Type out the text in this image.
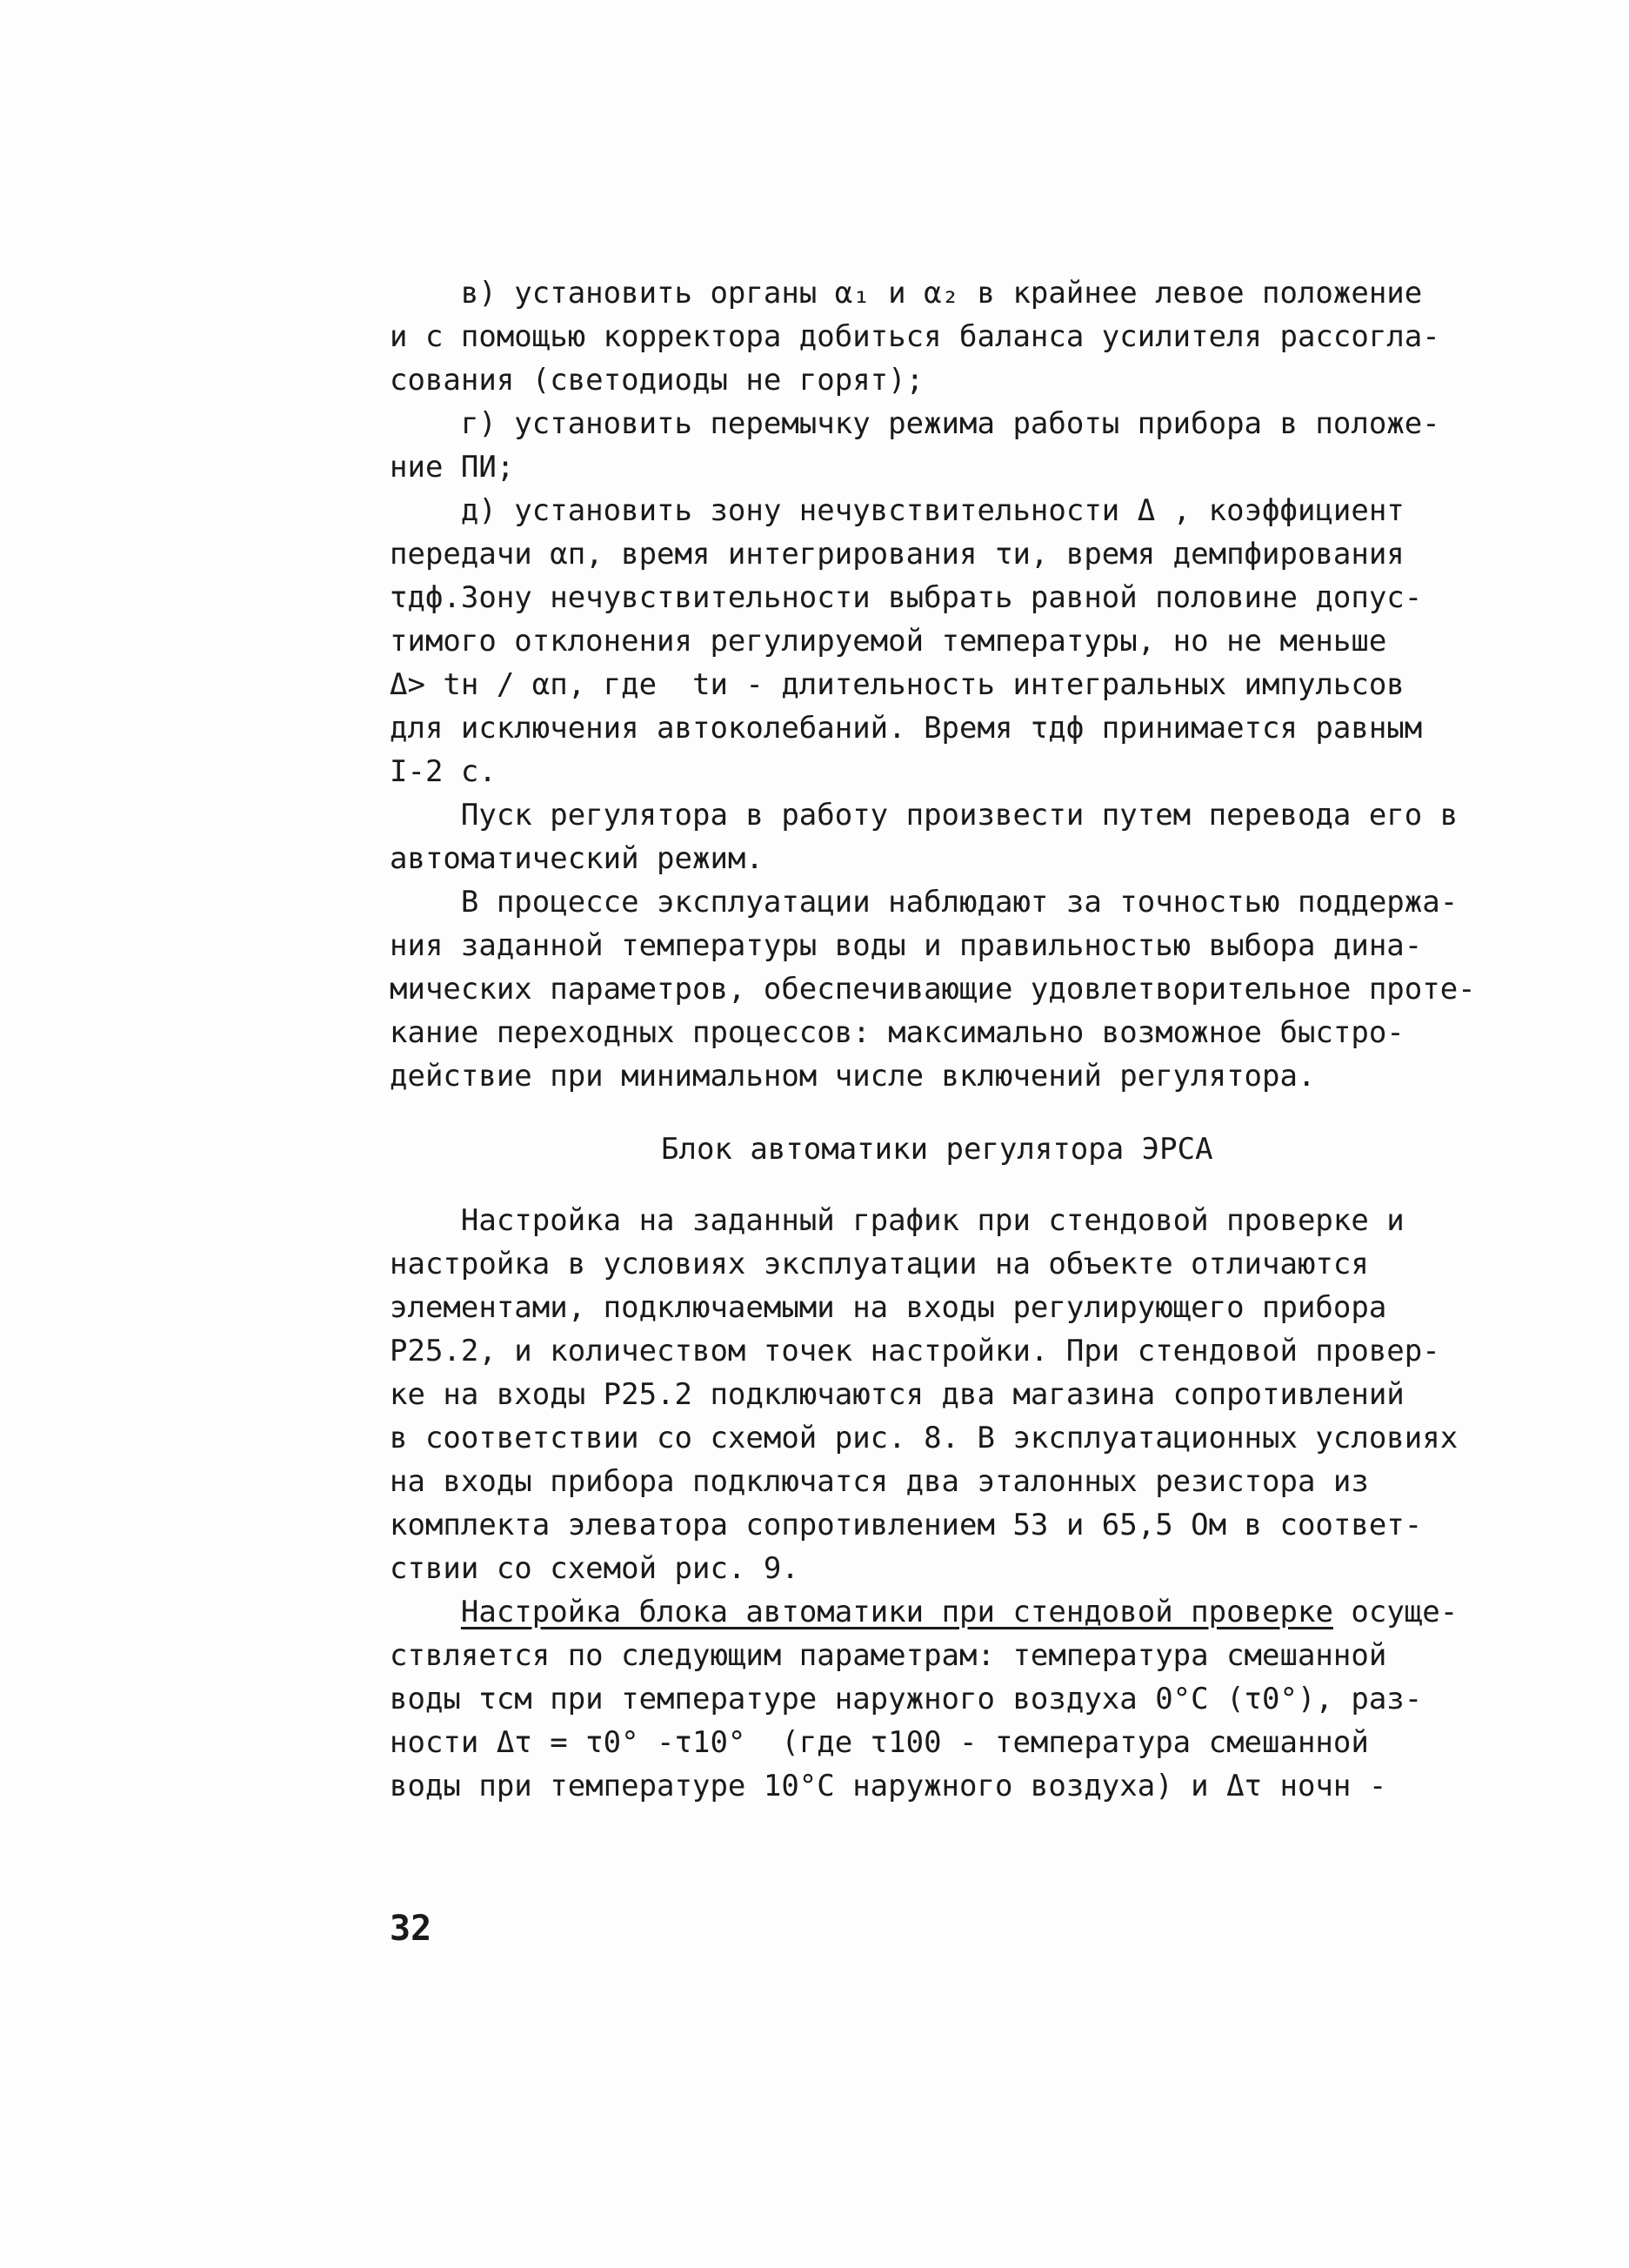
в) установить органы α₁ и α₂ в крайнее левое положение
и с помощью корректора добиться баланса усилителя рассогла-
сования (светодиоды не горят);
г) установить перемычку режима работы прибора в положе-
ние ПИ;
д) установить зону нечувствительности Δ , коэффициент
передачи αп, время интегрирования τи, время демпфирования
τдф.Зону нечувствительности выбрать равной половине допус-
тимого отклонения регулируемой температуры, но не меньше
Δ> tн / αп, где  tи - длительность интегральных импульсов
для исключения автоколебаний. Время τдф принимается равным
I-2 с.
Пуск регулятора в работу произвести путем перевода его в
автоматический режим.
В процессе эксплуатации наблюдают за точностью поддержа-
ния заданной температуры воды и правильностью выбора дина-
мических параметров, обеспечивающие удовлетворительное проте-
кание переходных процессов: максимально возможное быстро-
действие при минимальном числе включений регулятора.
Блок автоматики регулятора ЭРСА
Настройка на заданный график при стендовой проверке и
настройка в условиях эксплуатации на объекте отличаются
элементами, подключаемыми на входы регулирующего прибора
Р25.2, и количеством точек настройки. При стендовой провер-
ке на входы Р25.2 подключаются два магазина сопротивлений
в соответствии со схемой рис. 8. В эксплуатационных условиях
на входы прибора подключатся два эталонных резистора из
комплекта элеватора сопротивлением 53 и 65,5 Ом в соответ-
ствии со схемой рис. 9.
Настройка блока автоматики при стендовой проверке осуще-
ствляется по следующим параметрам: температура смешанной
воды τсм при температуре наружного воздуха 0°С (τ0°), раз-
ности Δτ = τ0° -τ10°  (где τ100 - температура смешанной
воды при температуре 10°С наружного воздуха) и Δτ ночн -
32
